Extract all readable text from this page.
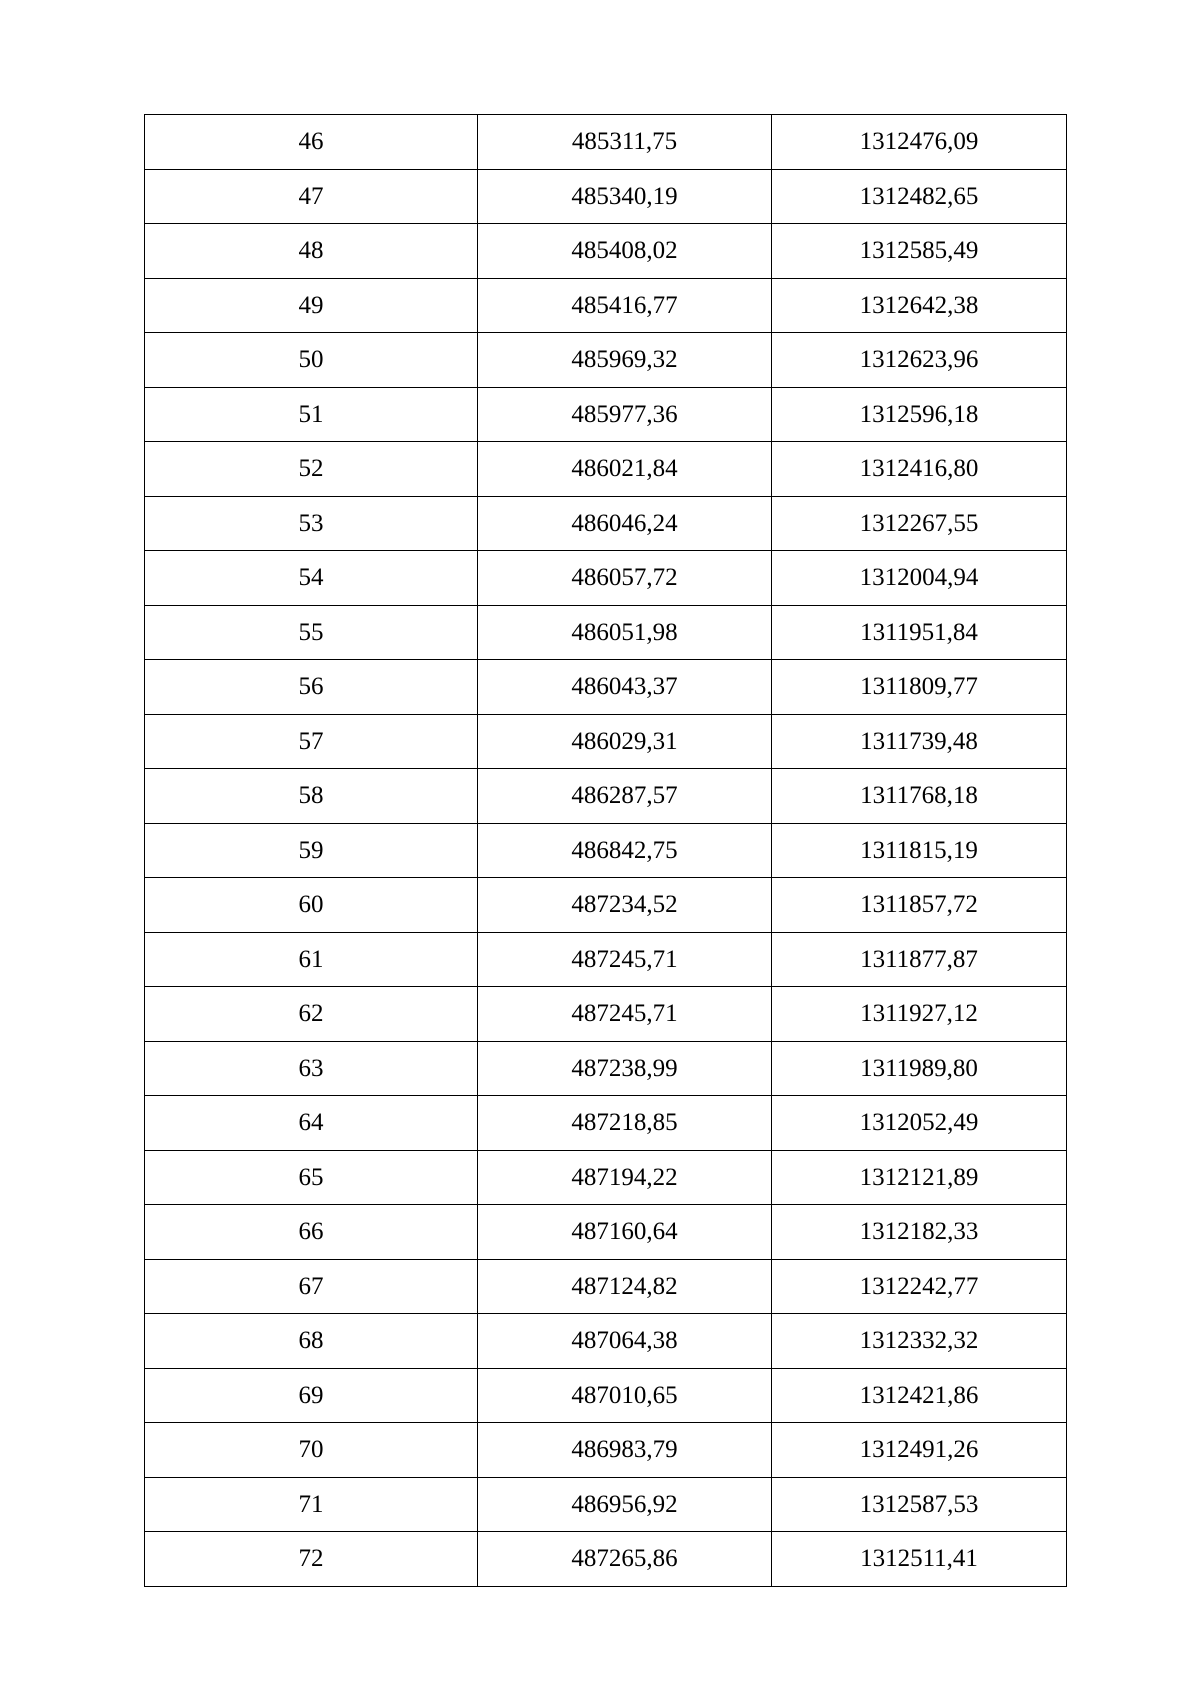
46	485311,75	1312476,09
47	485340,19	1312482,65
48	485408,02	1312585,49
49	485416,77	1312642,38
50	485969,32	1312623,96
51	485977,36	1312596,18
52	486021,84	1312416,80
53	486046,24	1312267,55
54	486057,72	1312004,94
55	486051,98	1311951,84
56	486043,37	1311809,77
57	486029,31	1311739,48
58	486287,57	1311768,18
59	486842,75	1311815,19
60	487234,52	1311857,72
61	487245,71	1311877,87
62	487245,71	1311927,12
63	487238,99	1311989,80
64	487218,85	1312052,49
65	487194,22	1312121,89
66	487160,64	1312182,33
67	487124,82	1312242,77
68	487064,38	1312332,32
69	487010,65	1312421,86
70	486983,79	1312491,26
71	486956,92	1312587,53
72	487265,86	1312511,41
